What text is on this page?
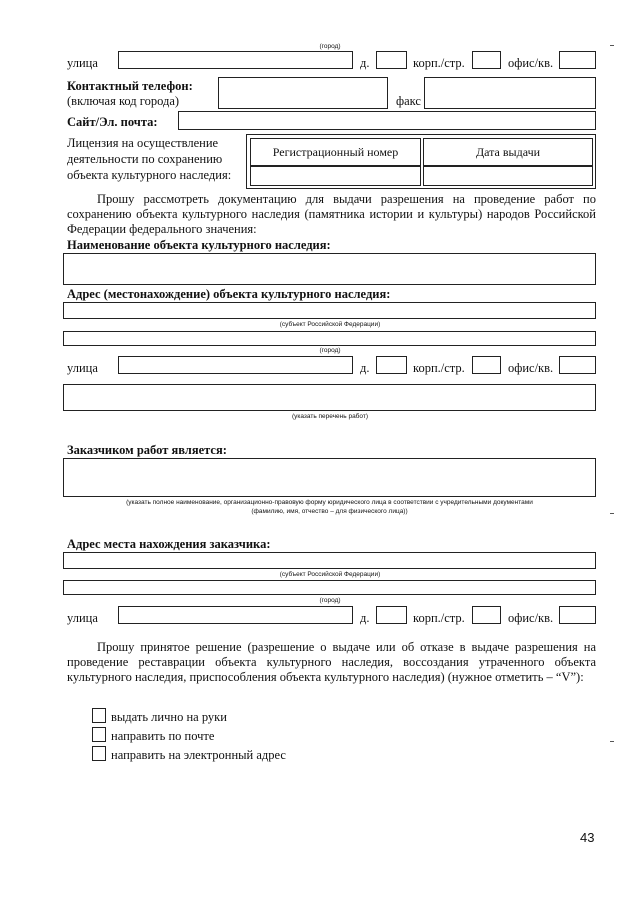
(город)
улица	д.	корп./стр.	офис/кв.
Контактный телефон:
(включая код города)	факс
Сайт/Эл. почта:
Лицензия на осуществление
деятельности по сохранению
объекта культурного наследия:
Регистрационный номер	Дата выдачи
Прошу рассмотреть документацию для выдачи разрешения на проведение работ по сохранению объекта культурного наследия (памятника истории и культуры) народов Российской Федерации федерального значения:
Наименование объекта культурного наследия:
Адрес (местонахождение) объекта культурного наследия:
(субъект Российской Федерации)
(город)
улица	д.	корп./стр.	офис/кв.
(указать перечень работ)
Заказчиком работ является:
(указать полное наименование, организационно-правовую форму юридического лица в соответствии с учредительными документами
(фамилию, имя, отчество – для физического лица))
Адрес места нахождения заказчика:
(субъект Российской Федерации)
(город)
улица	д.	корп./стр.	офис/кв.
Прошу принятое решение (разрешение о выдаче или об отказе в выдаче разрешения на проведение реставрации объекта культурного наследия, воссоздания утраченного объекта культурного наследия, приспособления объекта культурного наследия) (нужное отметить – “V”):
выдать лично на руки
направить по почте
направить на электронный адрес
43
